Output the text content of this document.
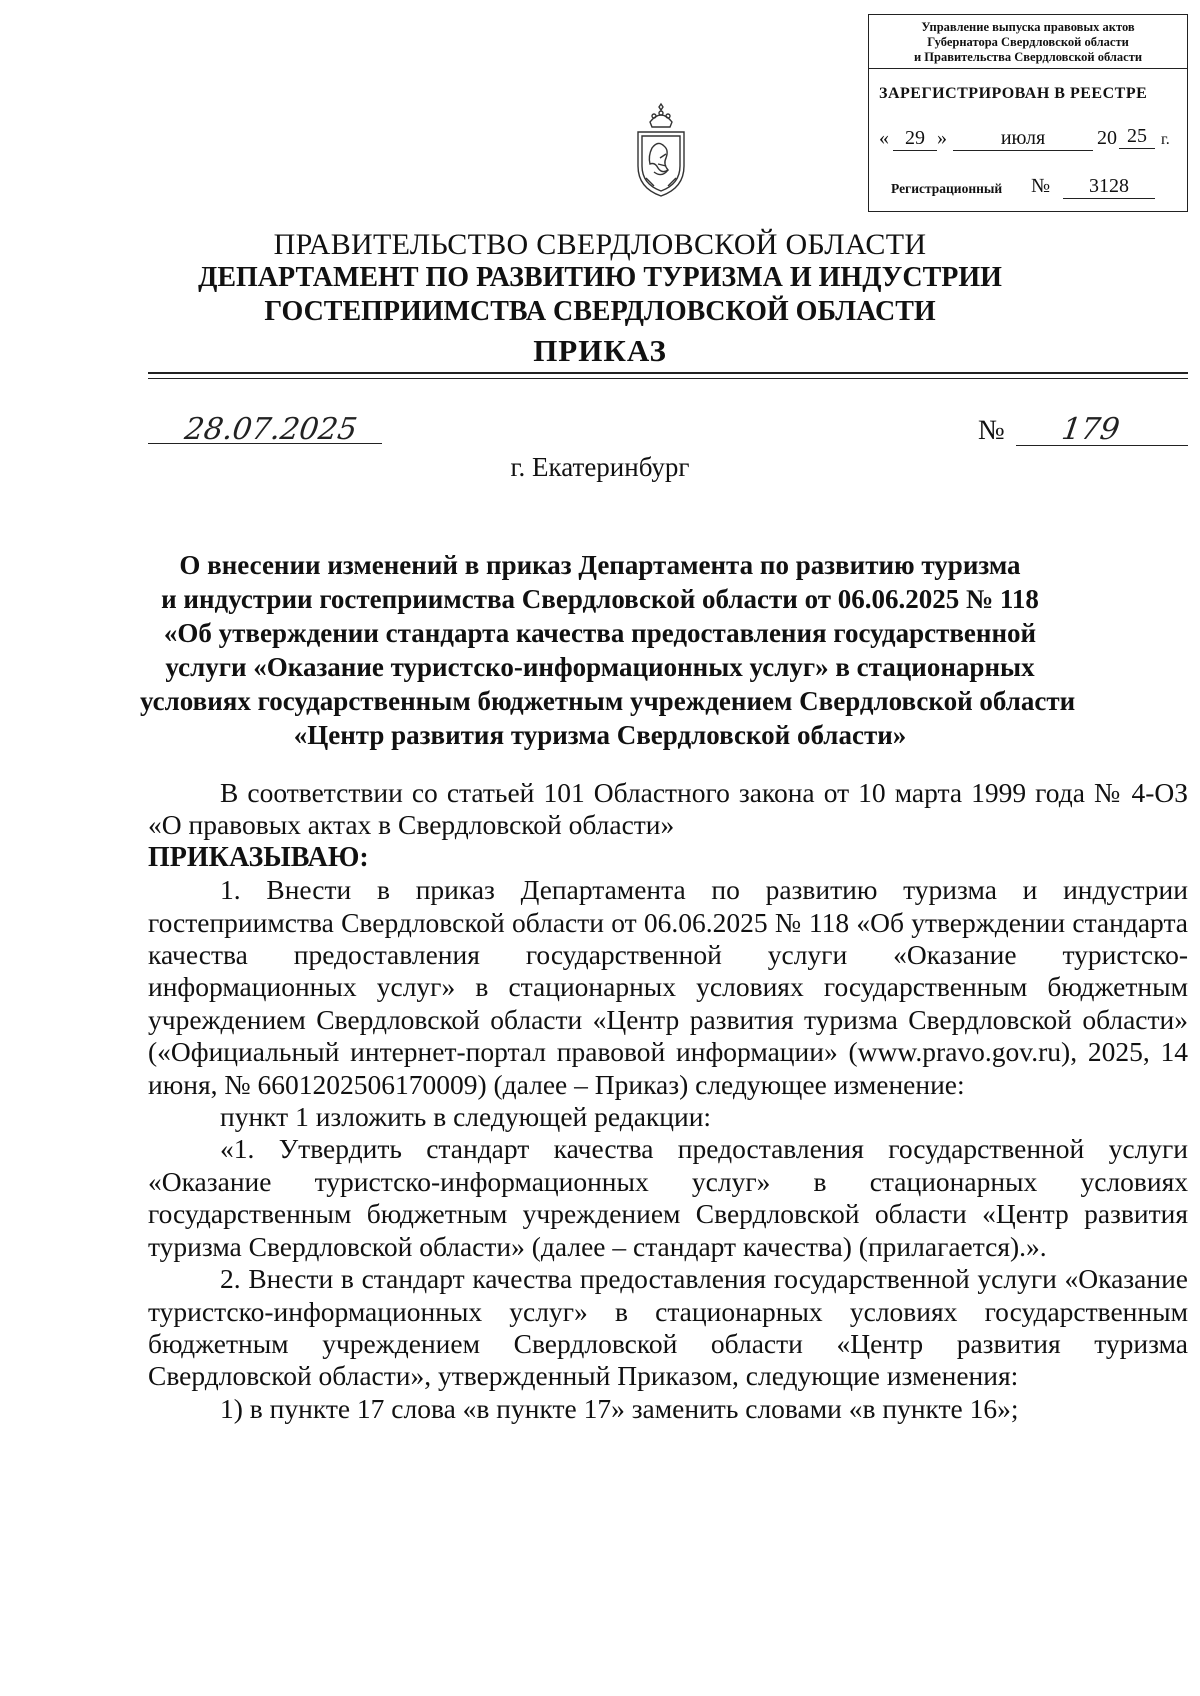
Управление выпуска правовых актов
Губернатора Свердловской области
и Правительства Свердловской области
ЗАРЕГИСТРИРОВАН В РЕЕСТРЕ
« 29 »	июля	20 25 г.
Регистрационный №	3128
ПРАВИТЕЛЬСТВО СВЕРДЛОВСКОЙ ОБЛАСТИ
ДЕПАРТАМЕНТ ПО РАЗВИТИЮ ТУРИЗМА И ИНДУСТРИИ
ГОСТЕПРИИМСТВА СВЕРДЛОВСКОЙ ОБЛАСТИ
ПРИКАЗ
28.07.2025	№ 179
г. Екатеринбург
О внесении изменений в приказ Департамента по развитию туризма
и индустрии гостеприимства Свердловской области от 06.06.2025 № 118
«Об утверждении стандарта качества предоставления государственной
услуги «Оказание туристско-информационных услуг» в стационарных
условиях государственным бюджетным учреждением Свердловской области
«Центр развития туризма Свердловской области»

В соответствии со статьей 101 Областного закона от 10 марта 1999 года № 4-ОЗ «О правовых актах в Свердловской области»

ПРИКАЗЫВАЮ:

1. Внести в приказ Департамента по развитию туризма и индустрии гостеприимства Свердловской области от 06.06.2025 № 118 «Об утверждении стандарта качества предоставления государственной услуги «Оказание туристско-информационных услуг» в стационарных условиях государственным бюджетным учреждением Свердловской области «Центр развития туризма Свердловской области» («Официальный интернет-портал правовой информации» (www.pravo.gov.ru), 2025, 14 июня, № 6601202506170009) (далее – Приказ) следующее изменение:

пункт 1 изложить в следующей редакции:

«1. Утвердить стандарт качества предоставления государственной услуги «Оказание туристско-информационных услуг» в стационарных условиях государственным бюджетным учреждением Свердловской области «Центр развития туризма Свердловской области» (далее – стандарт качества) (прилагается).».

2. Внести в стандарт качества предоставления государственной услуги «Оказание туристско-информационных услуг» в стационарных условиях государственным бюджетным учреждением Свердловской области «Центр развития туризма Свердловской области», утвержденный Приказом, следующие изменения:

1) в пункте 17 слова «в пункте 17» заменить словами «в пункте 16»;
